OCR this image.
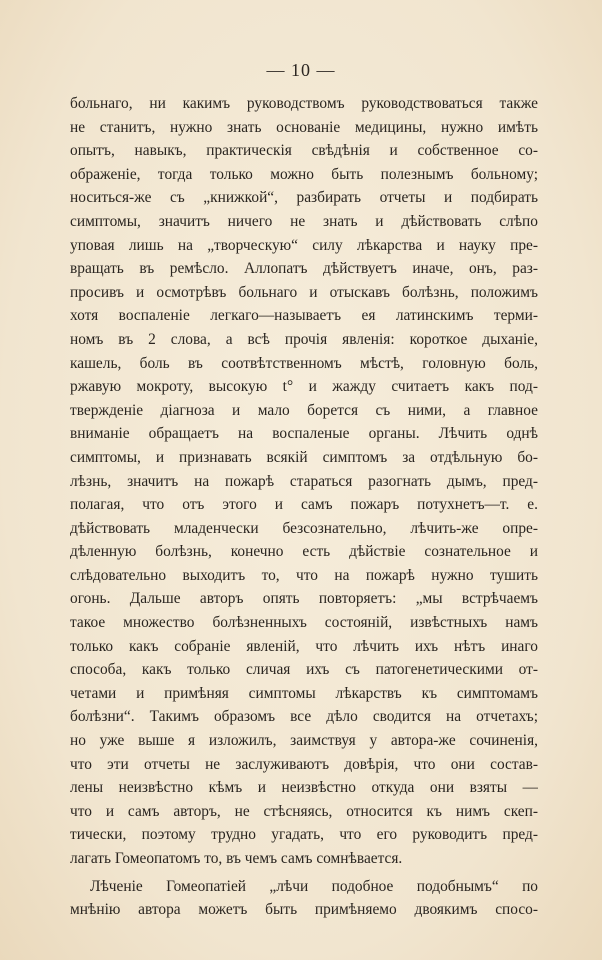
— 10 —
больнаго, ни какимъ руководствомъ руководствоваться также
не станитъ, нужно знать основаніе медицины, нужно имѣть
опытъ, навыкъ, практическія свѣдѣнія и собственное со-
ображеніе, тогда только можно быть полезнымъ больному;
носиться-же съ „книжкой“, разбирать отчеты и подбирать
симптомы, значитъ ничего не знать и дѣйствовать слѣпо
уповая лишь на „творческую“ силу лѣкарства и науку пре-
вращать въ ремѣсло. Аллопатъ дѣйствуетъ иначе, онъ, раз-
просивъ и осмотрѣвъ больнаго и отыскавъ болѣзнь, положимъ
хотя воспаленіе легкаго—называетъ ея латинскимъ терми-
номъ въ 2 слова, а всѣ прочія явленія: короткое дыханіе,
кашель, боль въ соотвѣтственномъ мѣстѣ, головную боль,
ржавую мокроту, высокую t° и жажду считаетъ какъ под-
твержденіе діагноза и мало борется съ ними, а главное
вниманіе обращаетъ на воспаленые органы. Лѣчить однѣ
симптомы, и признавать всякій симптомъ за отдѣльную бо-
лѣзнь, значитъ на пожарѣ стараться разогнать дымъ, пред-
полагая, что отъ этого и самъ пожаръ потухнетъ—т. е.
дѣйствовать младенчески безсознательно, лѣчить-же опре-
дѣленную болѣзнь, конечно есть дѣйствіе сознательное и
слѣдовательно выходитъ то, что на пожарѣ нужно тушить
огонь. Дальше авторъ опять повторяетъ: „мы встрѣчаемъ
такое множество болѣзненныхъ состояній, извѣстныхъ намъ
только какъ собраніе явленій, что лѣчить ихъ нѣтъ инаго
способа, какъ только сличая ихъ съ патогенетическими от-
четами и примѣняя симптомы лѣкарствъ къ симптомамъ
болѣзни“. Такимъ образомъ все дѣло сводится на отчетахъ;
но уже выше я изложилъ, заимствуя у автора-же сочиненія,
что эти отчеты не заслуживаютъ довѣрія, что они состав-
лены неизвѣстно кѣмъ и неизвѣстно откуда они взяты —
что и самъ авторъ, не стѣсняясь, относится къ нимъ скеп-
тически, поэтому трудно угадать, что его руководитъ пред-
лагать Гомеопатомъ то, въ чемъ самъ сомнѣвается.
Лѣченіе Гомеопатіей „лѣчи подобное подобнымъ“ по
мнѣнію автора можетъ быть примѣняемо двоякимъ спосо-
